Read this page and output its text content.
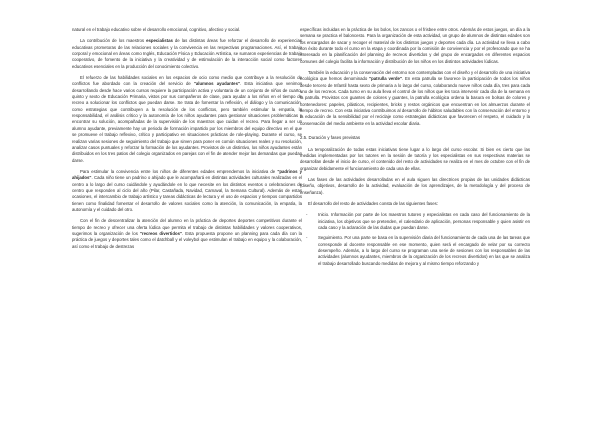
natural en el trabajo educativo sobre el desarrollo emocional, cognitivo, afectivo y social.

La contribución de los maestros especialistas de las distintas áreas fue reforzar el desarrollo de experiencias educativas prometoras de las relaciones sociales y la convivencia en las respectivas programaciones. Así, el trabajo corporal y emocional en áreas como Inglés, Educación Física y Educación Artística, se sumaron experiencias de trabajo cooperativo, de fomento de la iniciativa y la creatividad y de estimulación de la interacción social como factores educativos esenciales en la producción del conocimiento colectivo.

El refuerzo de las habilidades sociales en los espacios de ocio como medio que contribuye a la resolución de conflictos fue abordado con la creación del servicio de "alumnos ayudantes". Esta iniciativa que venimos desarrollando desde hace varios cursos requiere la participación activa y voluntaria de un conjunto de niños de cuarto, quinto y sexto de Educación Primaria, vistos por sus compañeros de clase, para ayudar a los niños en el tiempo de recreo a solucionar los conflictos que puedan darse. Se trata de fomentar la reflexión, el diálogo y la comunicación, como estrategias que contribuyen a la resolución de los conflictos, pero también estimular la empatía, la responsabilidad, el análisis crítico y la autonomía de los niños ayudantes para gestionar situaciones problemáticas y encontrar su solución, acompañadas de la supervisión de los maestros que cuidan el recreo. Para llegar a ser un alumno ayudante, previamente hay un periodo de formación impartido por los miembros del equipo directivo en el que se promueve el trabajo reflexivo, crítico y participativo en situaciones prácticas de role-playing. Durante el curso, se realizan varias sesiones de seguimiento del trabajo que sirven para poner en común situaciones reales y su resolución, analizar casos puntuales y reforzar la formación de los ayudantes. Provistos de un distintivo, los niños ayudantes están distribuidos en los tres patios del colegio organizados en parejas con el fin de atender mejor las demandas que puedan darse.

Para estimular la convivencia entre los niños de diferentes edades emprendemos la iniciativa de "padrinos y ahijados". Cada niño tiene un padrino o ahijado que le acompañará en distintas actividades culturales realizadas en el centro a lo largo del curso cuidándole y ayudándole en lo que necesite en los distintos eventos o celebraciones de centro que responden al ciclo del año (Pilar, Castañada, Navidad, Carnaval, la Semana Cultural). Además de estas ocasiones, el intercambio de trabajo artístico y tareas didácticas de lectura y el uso de espacios y tiempos compartidos tienen como finalidad fomentar el desarrollo de valores sociales como la atención, la comunicación, la empatía, la autonomía y el cuidado del otro.

Con el fin de descentralizar la atención del alumno en la práctica de deportes deportes competitivos durante el tiempo de recreo y ofrecer una oferta lúdica que permita el trabajo de distintas habilidades y valores cooperativos, sugerimos la organización de los "recreos divertidos". Esta propuesta propone un planning para cada día con la práctica de juegos y deportes tales como el datchball y el voleybol que estimulan el trabajo en equipo y la colaboración, así como el trabajo de destrezas

específicas incluidas en la práctica de los bolos, los zancos o el frisbee entre otros. Además de estos juegos, un día a la semana se practica el baloncesto. Para la organización de esta actividad, un grupo de alumnos de distintas edades son los encargados de sacar y recoger el material de los distintos juegos y deportes cada día. La actividad se lleva a cabo con éxito durante todo el curso en la etapa y coordinada por la comisión de convivencia y por el profesorado que se ha interesado en la planificación del planning de recreos divertidos y del grupo de encargados en diferentes espacios comunes del colegio facilita la información y distribución de los niños en los distintos actividades lúdicas.

También la educación y la conservación del entorno son contempladas con el diseño y el desarrollo de una iniciativa ecológica que hemos denominado "patrulla verde". En esta patrulla se favorece la participación de todos los niños desde tercero de Infantil hasta sexto de primaria a lo largo del curso, colaborando nueve niños cada día, tres para cada uno de los recreos. Cada turno en su aula lleva el control de los niños que les toca intervenir cada día de la semana en la patrulla. Provistos con guantes de colores y guantes, la patrulla ecológica ordena la basura en bolsas de colores y contenedores: papeles, plásticos, recipientes, bricks y restos orgánicos que encuentran en los almuerzos durante el tiempo de recreo. Con esta iniciativa contribuimos al desarrollo de hábitos saludables con la conservación del entorno y la educación de la sensibilidad por el reciclaje como estrategias didácticas que favorecen el respeto, el cuidado y la conservación del medio ambiente en la actividad escolar diaria.

2.5. Duración y fases previstas

La temporalización de todas estas iniciativas tiene lugar a lo largo del curso escolar. Si bien es cierto que las medidas implementadas por los tutores en la sesión de tutoría y los especialistas en sus respectivas materias se desarrollan desde el inicio de curso, el contenido del resto de actividades se realiza en el mes de octubre con el fin de organizar debidamente el funcionamiento de cada una de ellas.

Las fases de las actividades desarrolladas en el aula siguen las directrices propias de las unidades didácticas (diseño, objetivos, desarrollo de la actividad, evaluación de los aprendizajes, de la metodología y del proceso de enseñanza).

El desarrollo del resto de actividades consta de las siguientes fases:

- Inicio. Información por parte de los maestros tutores y especialistas en cada caso del funcionamiento de la iniciativa, los objetivos que se pretenden, el calendario de aplicación, personas responsable y quien asistir en cada caso y la aclaración de las dudas que puedan darse.
- Seguimiento. Por una parte se basa en la supervisión diaria del funcionamiento de cada una de las tareas que corresponde al docente responsable en ese momento, quien será el encargado de velar por su correcto desempeño. Además, a lo largo del curso se programan una serie de sesiones con los responsables de las actividades (alumnos ayudantes, miembros de la organización de los recreos divertidos) en las que se analiza el trabajo desarrollado buscando medidas de mejora y al mismo tiempo reforzando y
